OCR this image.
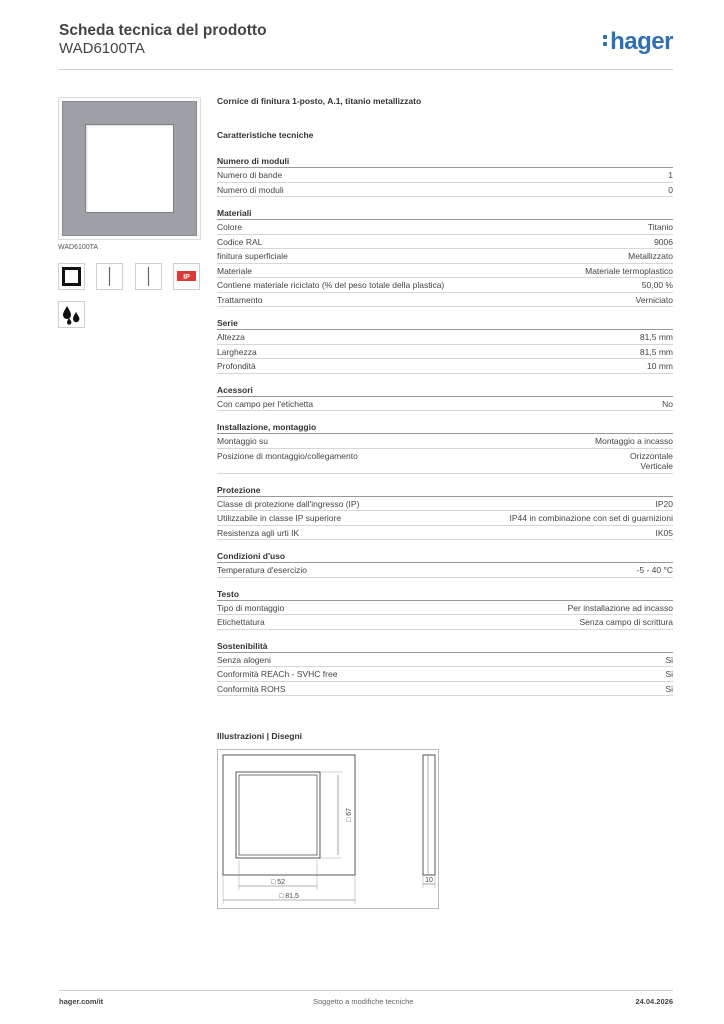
Scheda tecnica del prodotto
WAD6100TA	hager
WAD6100TA
IP
Cornice di finitura 1-posto, A.1, titanio metallizzato
Caratteristiche tecniche
Numero di moduli
Numero di bande	1
Numero di moduli	0
Materiali
Colore	Titanio
Codice RAL	9006
finitura superficiale	Metallizzato
Materiale	Materiale termoplastico
Contiene materiale riciclato (% del peso totale della plastica)	50,00 %
Trattamento	Verniciato
Serie
Altezza	81,5 mm
Larghezza	81,5 mm
Profondità	10 mm
Acessori
Con campo per l'etichetta	No
Installazione, montaggio
Montaggio su	Montaggio a incasso
Posizione di montaggio/collegamento	Orizzontale
Verticale
Protezione
Classe di protezione dall'ingresso (IP)	IP20
Utilizzabile in classe IP superiore	IP44 in combinazione con set di guarnizioni
Resistenza agli urti IK	IK05
Condizioni d'uso
Temperatura d'esercizio	-5 - 40 °C
Testo
Tipo di montaggio	Per installazione ad incasso
Etichettatura	Senza campo di scrittura
Sostenibilità
Senza alogeni	Si
Conformità REACh - SVHC free	Si
Conformità ROHS	Si
Illustrazioni | Disegni
□ 67
□ 52
□ 81,5
10
hager.com/it	Soggetto a modifiche tecniche	24.04.2026
